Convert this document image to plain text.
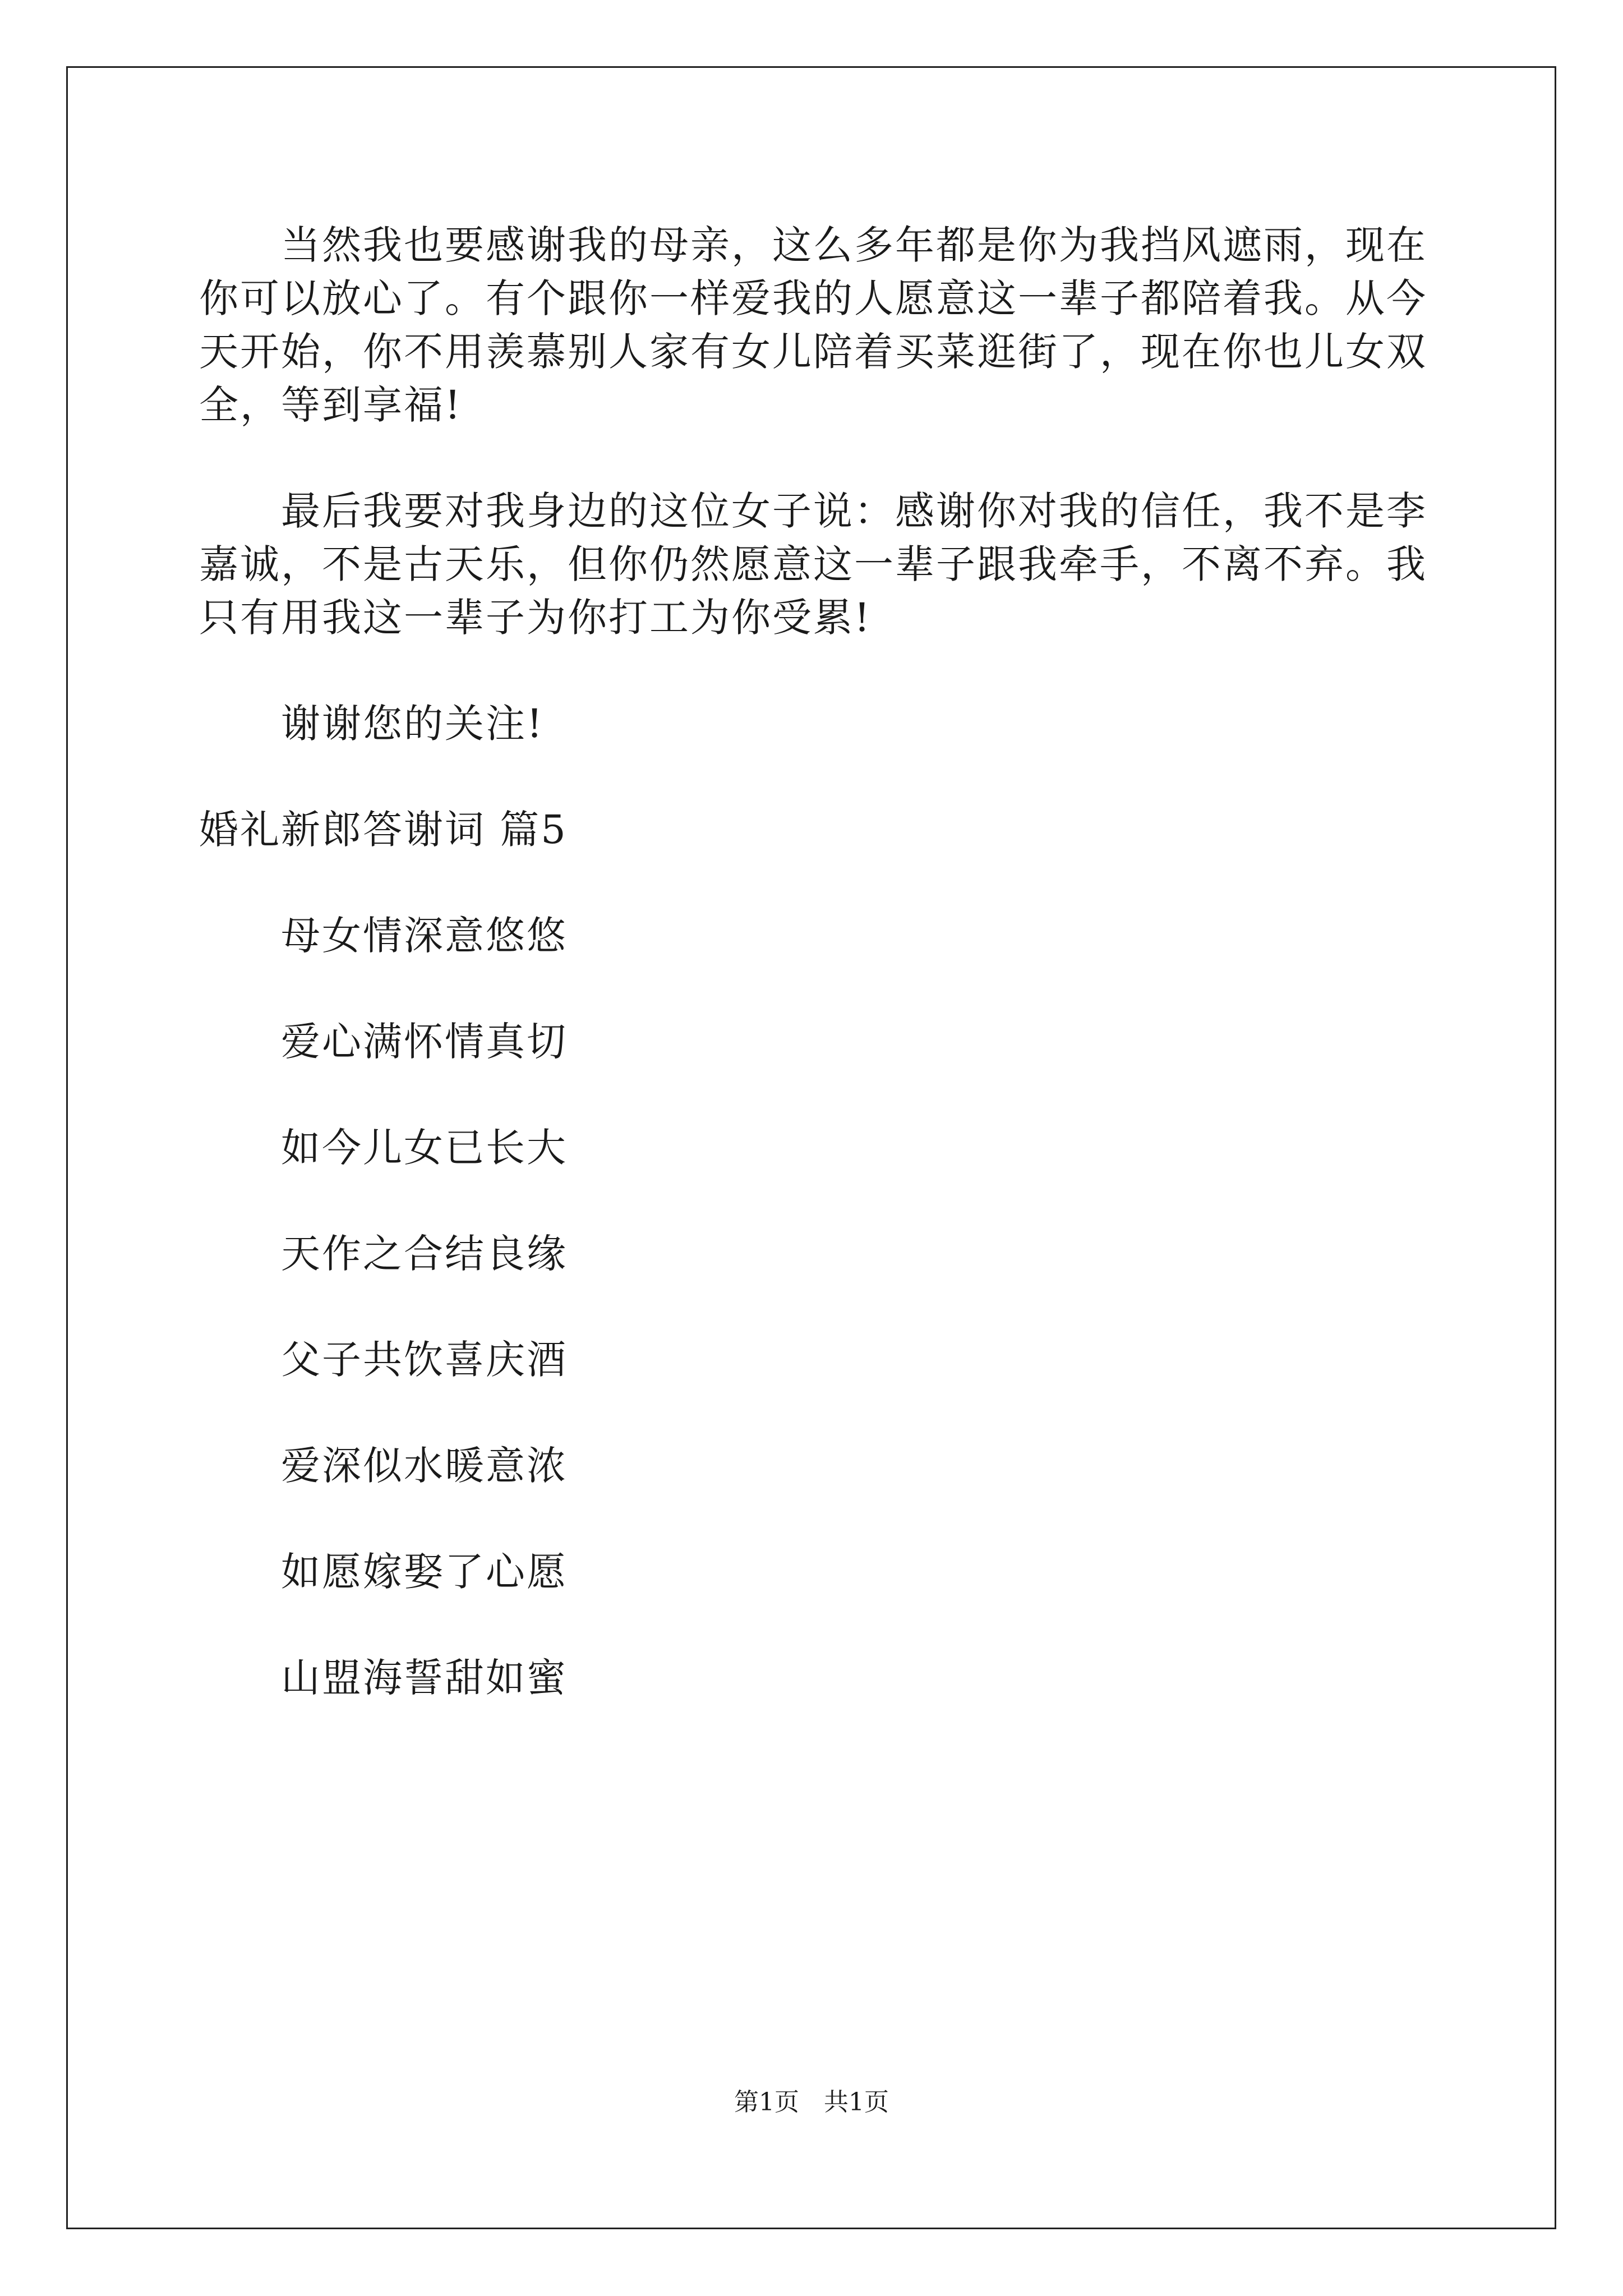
当然我也要感谢我的母亲，这么多年都是你为我挡风遮雨，现在你可以放心了。有个跟你一样爱我的人愿意这一辈子都陪着我。从今天开始，你不用羡慕别人家有女儿陪着买菜逛街了，现在你也儿女双全，等到享福!

最后我要对我身边的这位女子说：感谢你对我的信任，我不是李嘉诚，不是古天乐，但你仍然愿意这一辈子跟我牵手，不离不弃。我只有用我这一辈子为你打工为你受累!

谢谢您的关注!

婚礼新郎答谢词 篇5

母女情深意悠悠

爱心满怀情真切

如今儿女已长大

天作之合结良缘

父子共饮喜庆酒

爱深似水暖意浓

如愿嫁娶了心愿

山盟海誓甜如蜜

第1页 共1页
